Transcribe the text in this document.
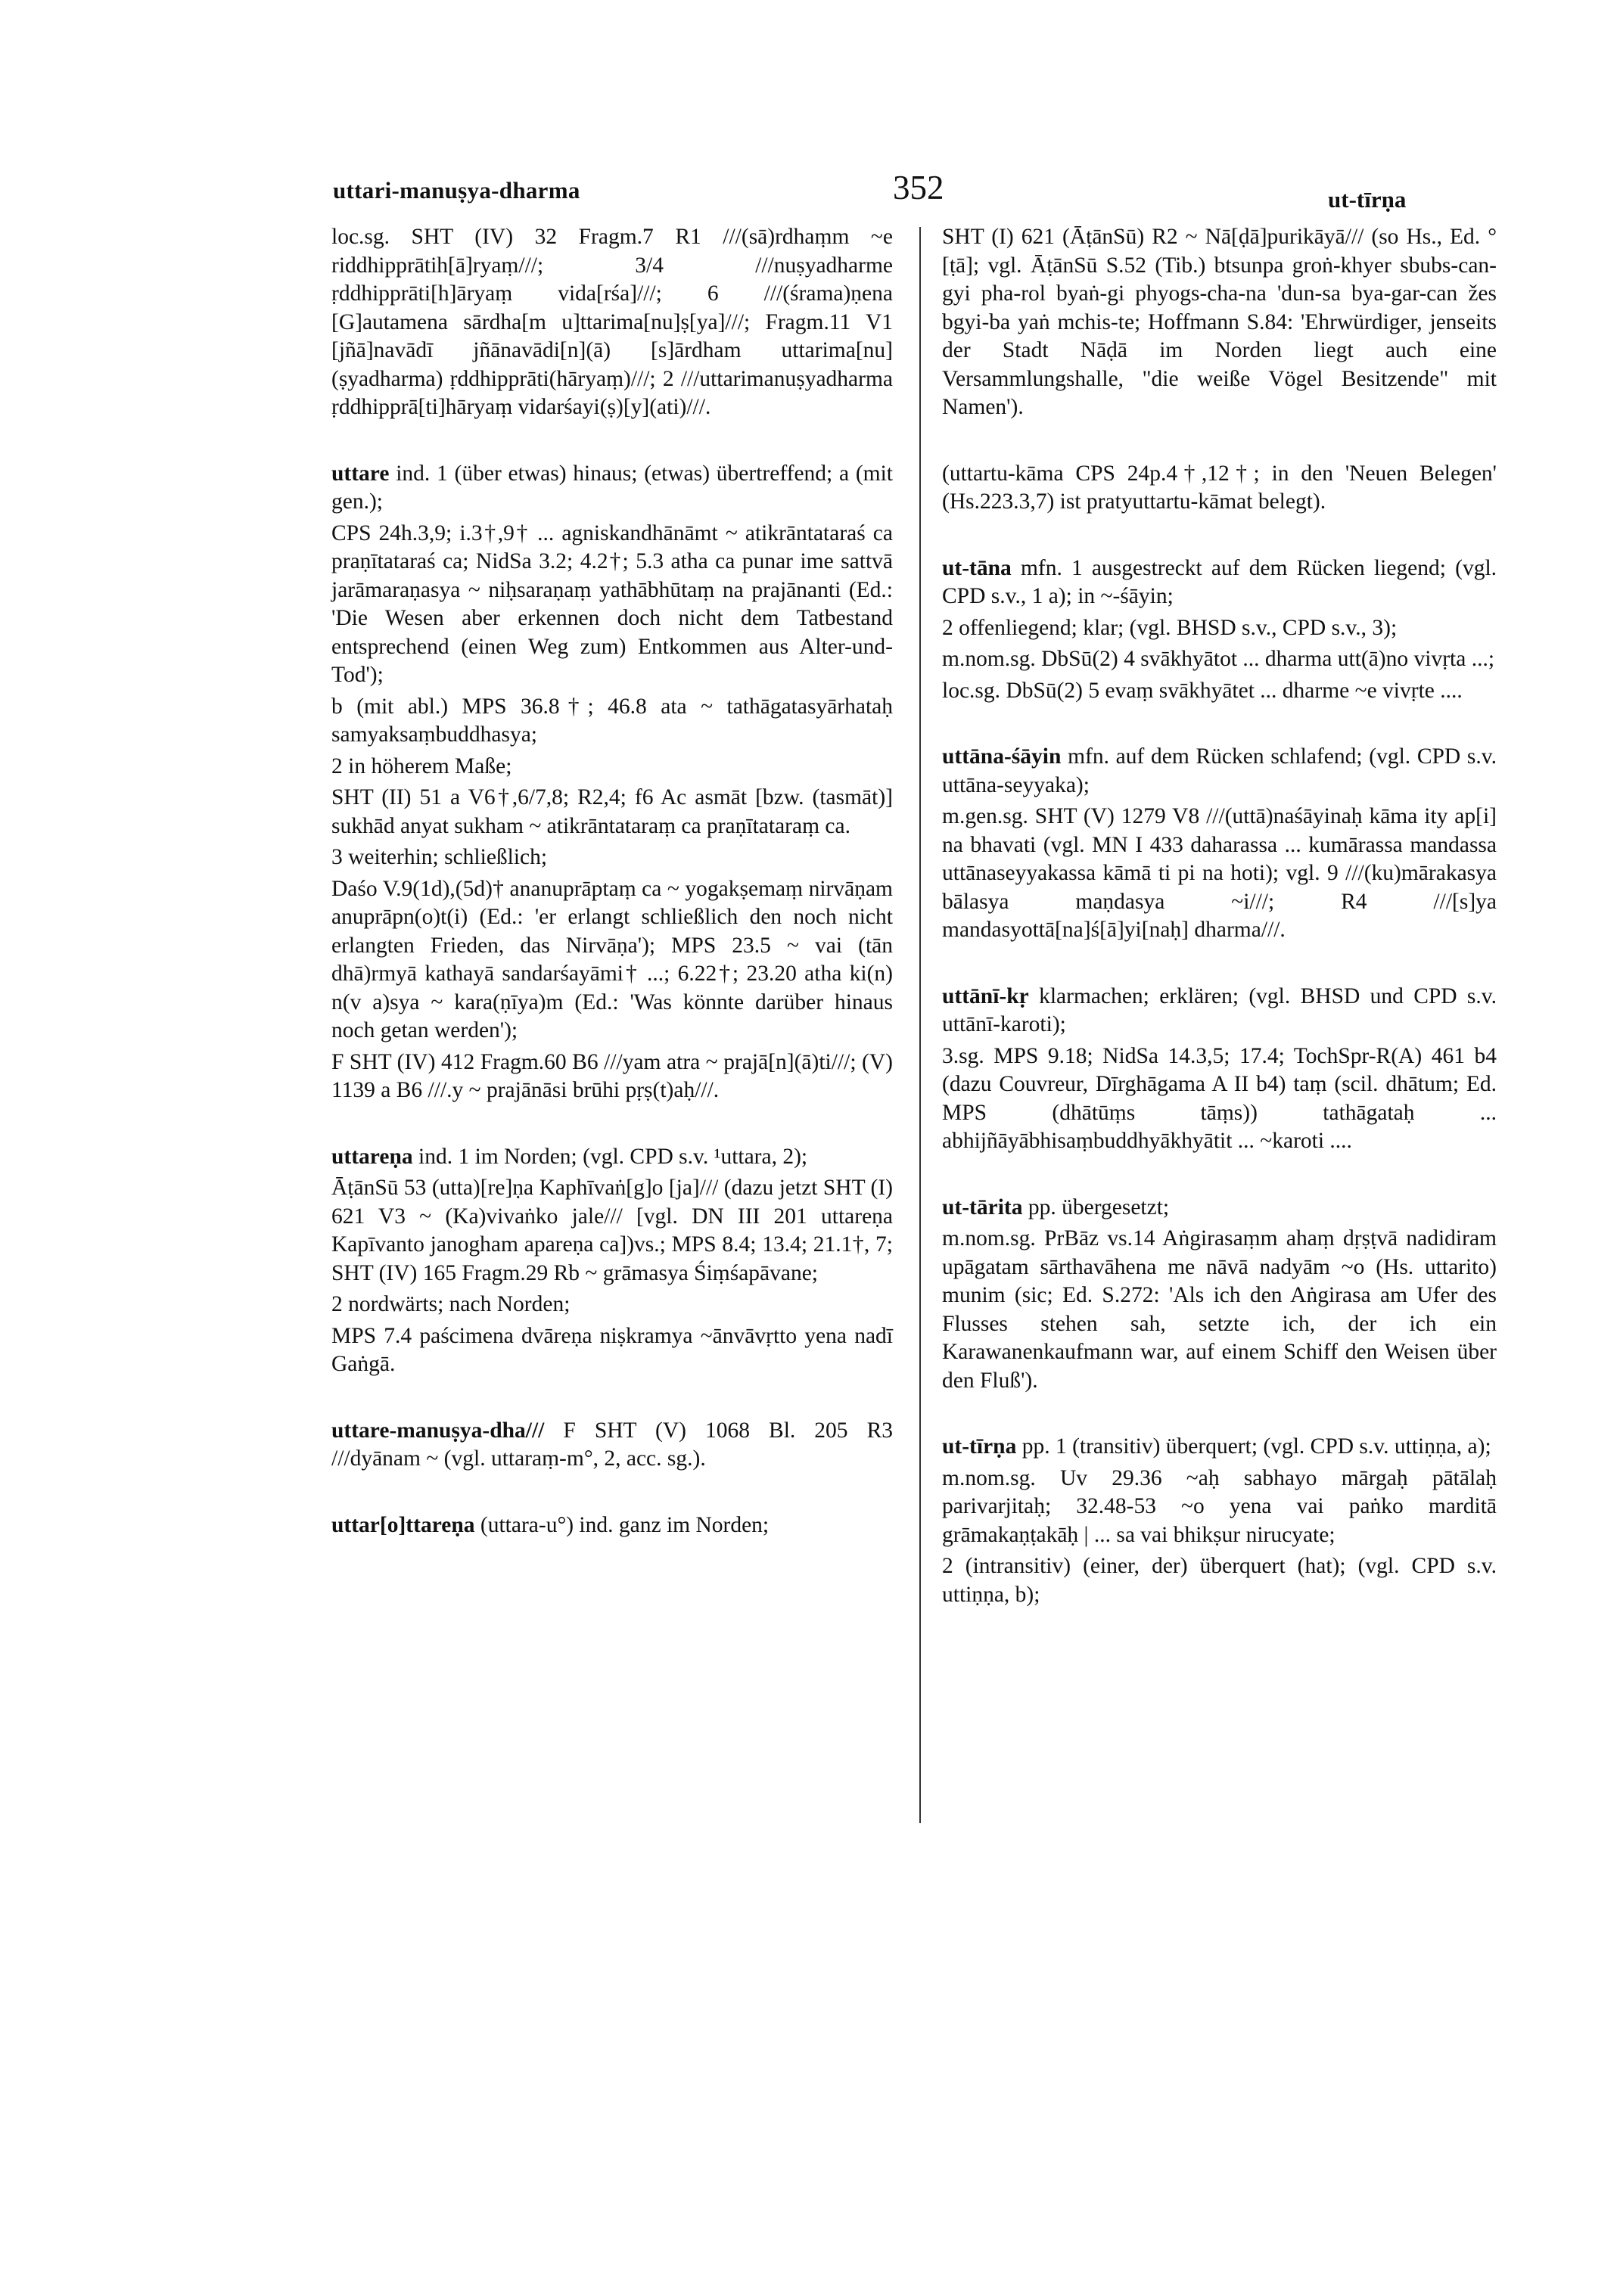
uttari-manuṣya-dharma	352	ut-tīrṇa

loc.sg. SHT (IV) 32 Fragm.7 R1 ///(sā)rdhaṃm ~e riddhipprātih[ā]ryaṃ///; 3/4 ///nuṣyadharme ṛddhipprāti[h]āryaṃ vida[rśa]///; 6 ///(śrama)ṇena [G]autamena sārdha[m u]ttarima[nu]ṣ[ya]///; Fragm.11 V1 [jñā]navādī jñānavādi[n](ā) [s]ārdham uttarima[nu](ṣyadharma) ṛddhipprāti(hāryaṃ)///; 2 ///uttarimanuṣyadharma ṛddhipprā[ti]hāryaṃ vidarśayi(ṣ)[y](ati)///.

uttare ind. 1 (über etwas) hinaus; (etwas) übertreffend; a (mit gen.);

CPS 24h.3,9; i.3†,9† ... agniskandhānāmt ~ atikrāntataraś ca praṇītataraś ca; NidSa 3.2; 4.2†; 5.3 atha ca punar ime sattvā jarāmaraṇasya ~ niḥsaraṇaṃ yathābhūtaṃ na prajānanti (Ed.: 'Die Wesen aber erkennen doch nicht dem Tatbestand entsprechend (einen Weg zum) Entkommen aus Alter-und-Tod');

b (mit abl.) MPS 36.8†; 46.8 ata ~ tathāgatasyārhataḥ samyaksaṃbuddhasya;

2 in höherem Maße;

SHT (II) 51 a V6†,6/7,8; R2,4; f6 Ac asmāt [bzw. (tasmāt)] sukhād anyat sukham ~ atikrāntataraṃ ca praṇītataraṃ ca.

3 weiterhin; schließlich;

Daśo V.9(1d),(5d)† ananuprāptaṃ ca ~ yogakṣemaṃ nirvāṇam anuprāpn(o)t(i) (Ed.: 'er erlangt schließlich den noch nicht erlangten Frieden, das Nirvāṇa'); MPS 23.5 ~ vai (tān dhā)rmyā kathayā sandarśayāmi† ...; 6.22†; 23.20 atha ki(n) n(v a)sya ~ kara(ṇīya)m (Ed.: 'Was könnte darüber hinaus noch getan werden');

F SHT (IV) 412 Fragm.60 B6 ///yam atra ~ prajā[n](ā)ti///; (V) 1139 a B6 ///.y ~ prajānāsi brūhi pṛṣ(t)aḥ///.

uttareṇa ind. 1 im Norden; (vgl. CPD s.v. ¹uttara, 2);

ĀṭānSū 53 (utta)[re]ṇa Kaphīvaṅ[g]o [ja]/// (dazu jetzt SHT (I) 621 V3 ~ (Ka)vivaṅko jale/// [vgl. DN III 201 uttareṇa Kapīvanto janogham apareṇa ca])vs.; MPS 8.4; 13.4; 21.1†, 7; SHT (IV) 165 Fragm.29 Rb ~ grāmasya Śiṃśapāvane;

2 nordwärts; nach Norden;

MPS 7.4 paścimena dvāreṇa niṣkramya ~ānvāvṛtto yena nadī Gaṅgā.

uttare-manuṣya-dha/// F SHT (V) 1068 Bl. 205 R3 ///dyānam ~ (vgl. uttaraṃ-m°, 2, acc. sg.).

uttar[o]ttareṇa (uttara-u°) ind. ganz im Norden;

SHT (I) 621 (ĀṭānSū) R2 ~ Nā[ḍā]purikāyā/// (so Hs., Ed. °[ṭā]; vgl. ĀṭānSū S.52 (Tib.) btsunpa groṅ-khyer sbubs-can-gyi pha-rol byaṅ-gi phyogs-cha-na 'dun-sa bya-gar-can žes bgyi-ba yaṅ mchis-te; Hoffmann S.84: 'Ehrwürdiger, jenseits der Stadt Nāḍā im Norden liegt auch eine Versammlungshalle, "die weiße Vögel Besitzende" mit Namen').

(uttartu-kāma CPS 24p.4†,12†; in den 'Neuen Belegen' (Hs.223.3,7) ist pratyuttartu-kāmat belegt).

ut-tāna mfn. 1 ausgestreckt auf dem Rücken liegend; (vgl. CPD s.v., 1 a); in ~-śāyin;

2 offenliegend; klar; (vgl. BHSD s.v., CPD s.v., 3);

m.nom.sg. DbSū(2) 4 svākhyātot ... dharma utt(ā)no vivṛta ...;

loc.sg. DbSū(2) 5 evaṃ svākhyātet ... dharme ~e vivṛte ....

uttāna-śāyin mfn. auf dem Rücken schlafend; (vgl. CPD s.v. uttāna-seyyaka);

m.gen.sg. SHT (V) 1279 V8 ///(uttā)naśāyinaḥ kāma ity ap[i] na bhavati (vgl. MN I 433 daharassa ... kumārassa mandassa uttānaseyyakassa kāmā ti pi na hoti); vgl. 9 ///(ku)mārakasya bālasya maṇdasya ~i///; R4 ///[s]ya mandasyottā[na]ś[ā]yi[naḥ] dharma///.

uttānī-kṛ klarmachen; erklären; (vgl. BHSD und CPD s.v. uttānī-karoti);

3.sg. MPS 9.18; NidSa 14.3,5; 17.4; TochSpr-R(A) 461 b4 (dazu Couvreur, Dīrghāgama A II b4) taṃ (scil. dhātum; Ed. MPS (dhātūṃs tāṃs)) tathāgataḥ ... abhijñāyābhisaṃbuddhyākhyātit ... ~karoti ....

ut-tārita pp. übergesetzt;

m.nom.sg. PrBāz vs.14 Aṅgirasaṃm ahaṃ dṛṣṭvā nadidiram upāgatam sārthavāhena me nāvā nadyām ~o (Hs. uttarito) munim (sic; Ed. S.272: 'Als ich den Aṅgirasa am Ufer des Flusses stehen sah, setzte ich, der ich ein Karawanenkaufmann war, auf einem Schiff den Weisen über den Fluß').

ut-tīrṇa pp. 1 (transitiv) überquert; (vgl. CPD s.v. uttiṇṇa, a);

m.nom.sg. Uv 29.36 ~aḥ sabhayo mārgaḥ pātālaḥ parivarjitaḥ; 32.48-53 ~o yena vai paṅko marditā grāmakaṇṭakāḥ | ... sa vai bhikṣur nirucyate;

2 (intransitiv) (einer, der) überquert (hat); (vgl. CPD s.v. uttiṇṇa, b);
